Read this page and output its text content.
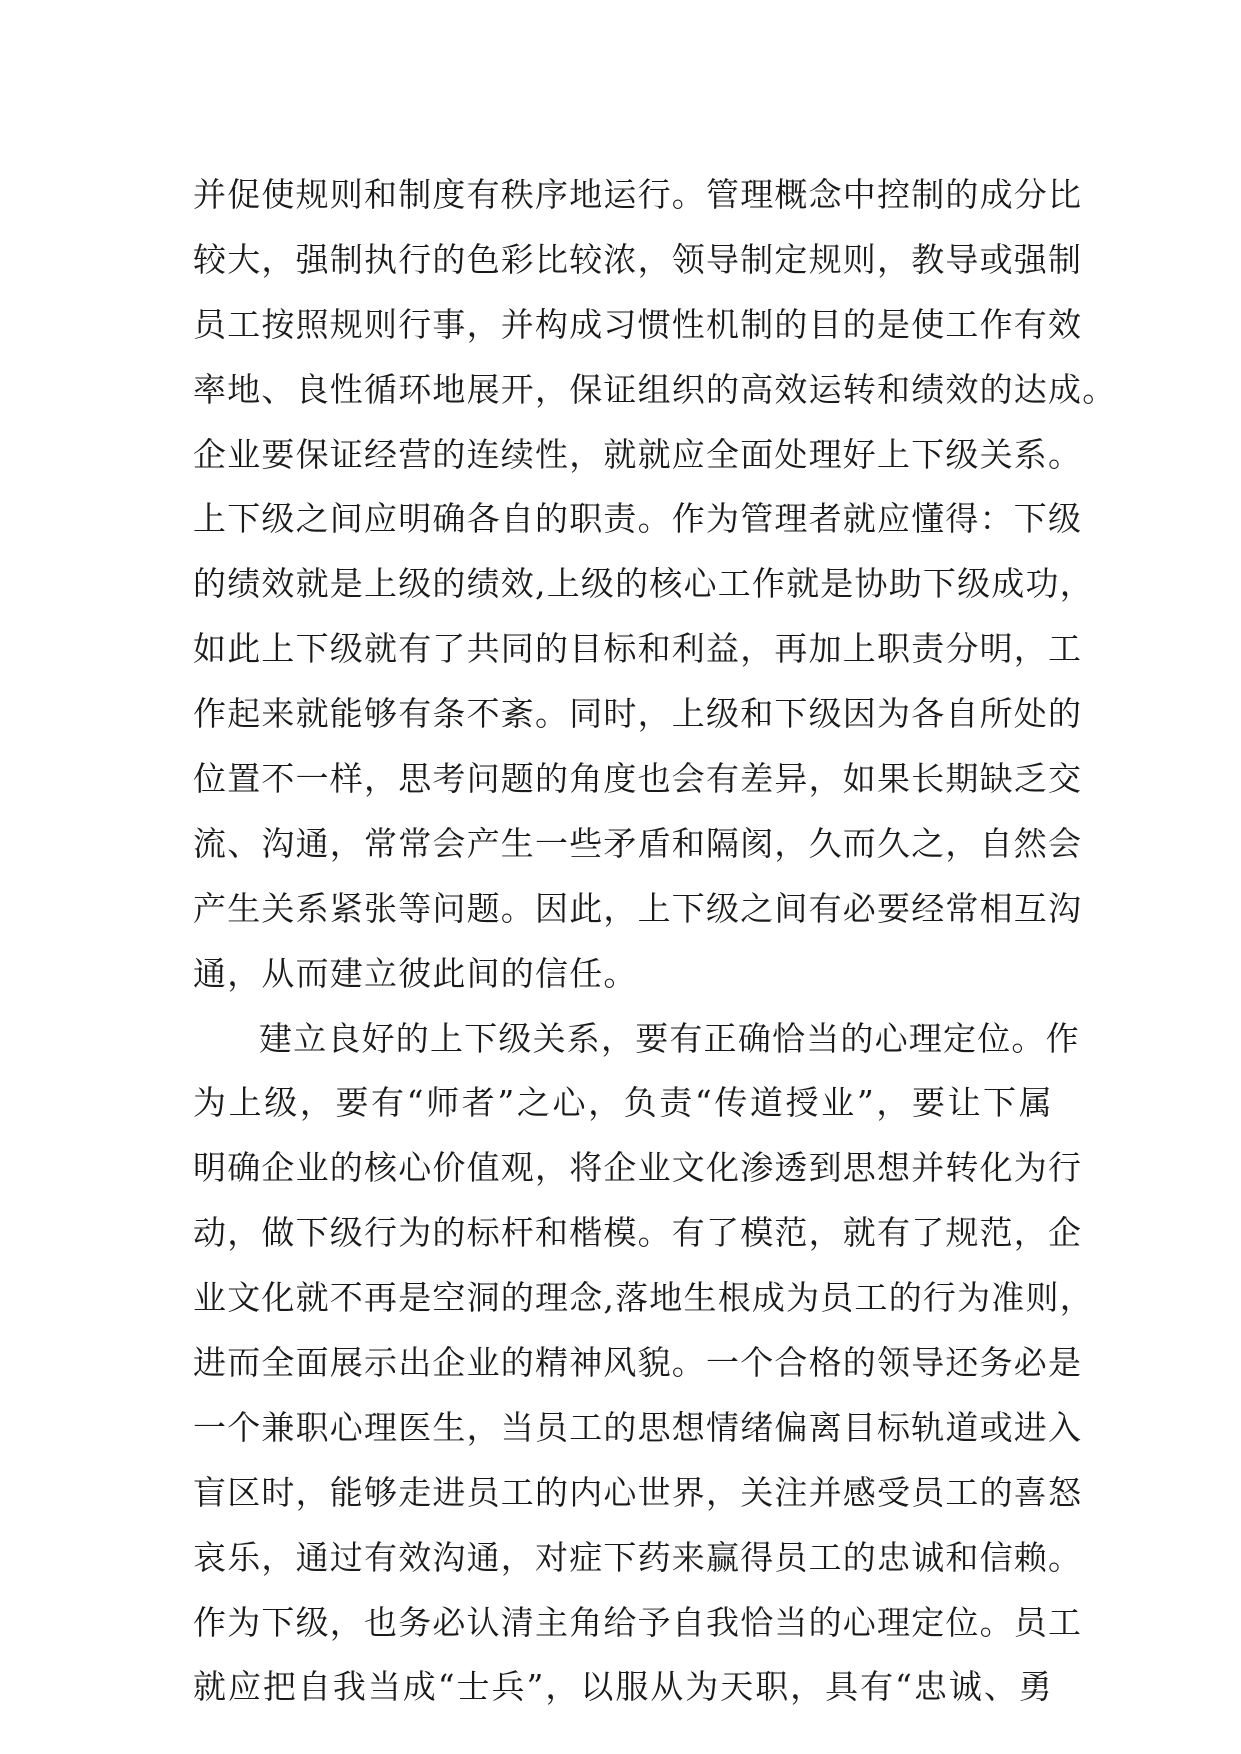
并促使规则和制度有秩序地运行。管理概念中控制的成分比
较大，强制执行的色彩比较浓，领导制定规则，教导或强制
员工按照规则行事，并构成习惯性机制的目的是使工作有效
率地、良性循环地展开，保证组织的高效运转和绩效的达成。
企业要保证经营的连续性，就就应全面处理好上下级关系。
上下级之间应明确各自的职责。作为管理者就应懂得：下级
的绩效就是上级的绩效,上级的核心工作就是协助下级成功，
如此上下级就有了共同的目标和利益，再加上职责分明，工
作起来就能够有条不紊。同时，上级和下级因为各自所处的
位置不一样，思考问题的角度也会有差异，如果长期缺乏交
流、沟通，常常会产生一些矛盾和隔阂，久而久之，自然会
产生关系紧张等问题。因此，上下级之间有必要经常相互沟
通，从而建立彼此间的信任。
建立良好的上下级关系，要有正确恰当的心理定位。作
为上级，要有“师者”之心，负责“传道授业”，要让下属
明确企业的核心价值观，将企业文化渗透到思想并转化为行
动，做下级行为的标杆和楷模。有了模范，就有了规范，企
业文化就不再是空洞的理念,落地生根成为员工的行为准则，
进而全面展示出企业的精神风貌。一个合格的领导还务必是
一个兼职心理医生，当员工的思想情绪偏离目标轨道或进入
盲区时，能够走进员工的内心世界，关注并感受员工的喜怒
哀乐，通过有效沟通，对症下药来赢得员工的忠诚和信赖。
作为下级，也务必认清主角给予自我恰当的心理定位。员工
就应把自我当成“士兵”，以服从为天职，具有“忠诚、勇
